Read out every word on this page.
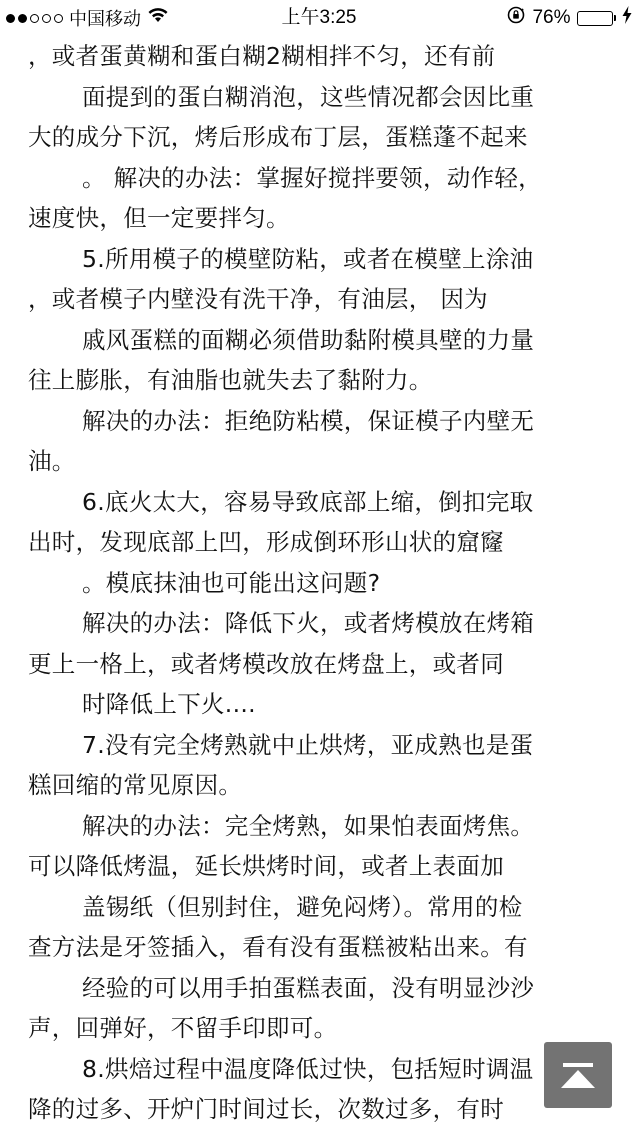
中国移动	上午3:25	76%
，或者蛋黄糊和蛋白糊2糊相拌不匀，还有前
面提到的蛋白糊消泡，这些情况都会因比重
大的成分下沉，烤后形成布丁层，蛋糕蓬不起来
。 解决的办法：掌握好搅拌要领，动作轻，
速度快，但一定要拌匀。
5.所用模子的模壁防粘，或者在模壁上涂油
，或者模子内壁没有洗干净，有油层， 因为
戚风蛋糕的面糊必须借助黏附模具壁的力量
往上膨胀，有油脂也就失去了黏附力。
解决的办法：拒绝防粘模，保证模子内壁无
油。
6.底火太大，容易导致底部上缩，倒扣完取
出时，发现底部上凹，形成倒环形山状的窟窿
。模底抹油也可能出这问题?
解决的办法：降低下火，或者烤模放在烤箱
更上一格上，或者烤模改放在烤盘上，或者同
时降低上下火....
7.没有完全烤熟就中止烘烤，亚成熟也是蛋
糕回缩的常见原因。
解决的办法：完全烤熟，如果怕表面烤焦。
可以降低烤温，延长烘烤时间，或者上表面加
盖锡纸（但别封住，避免闷烤）。常用的检
查方法是牙签插入，看有没有蛋糕被粘出来。有
经验的可以用手拍蛋糕表面，没有明显沙沙
声，回弹好，不留手印即可。
8.烘焙过程中温度降低过快，包括短时调温
降的过多、开炉门时间过长，次数过多，有时
